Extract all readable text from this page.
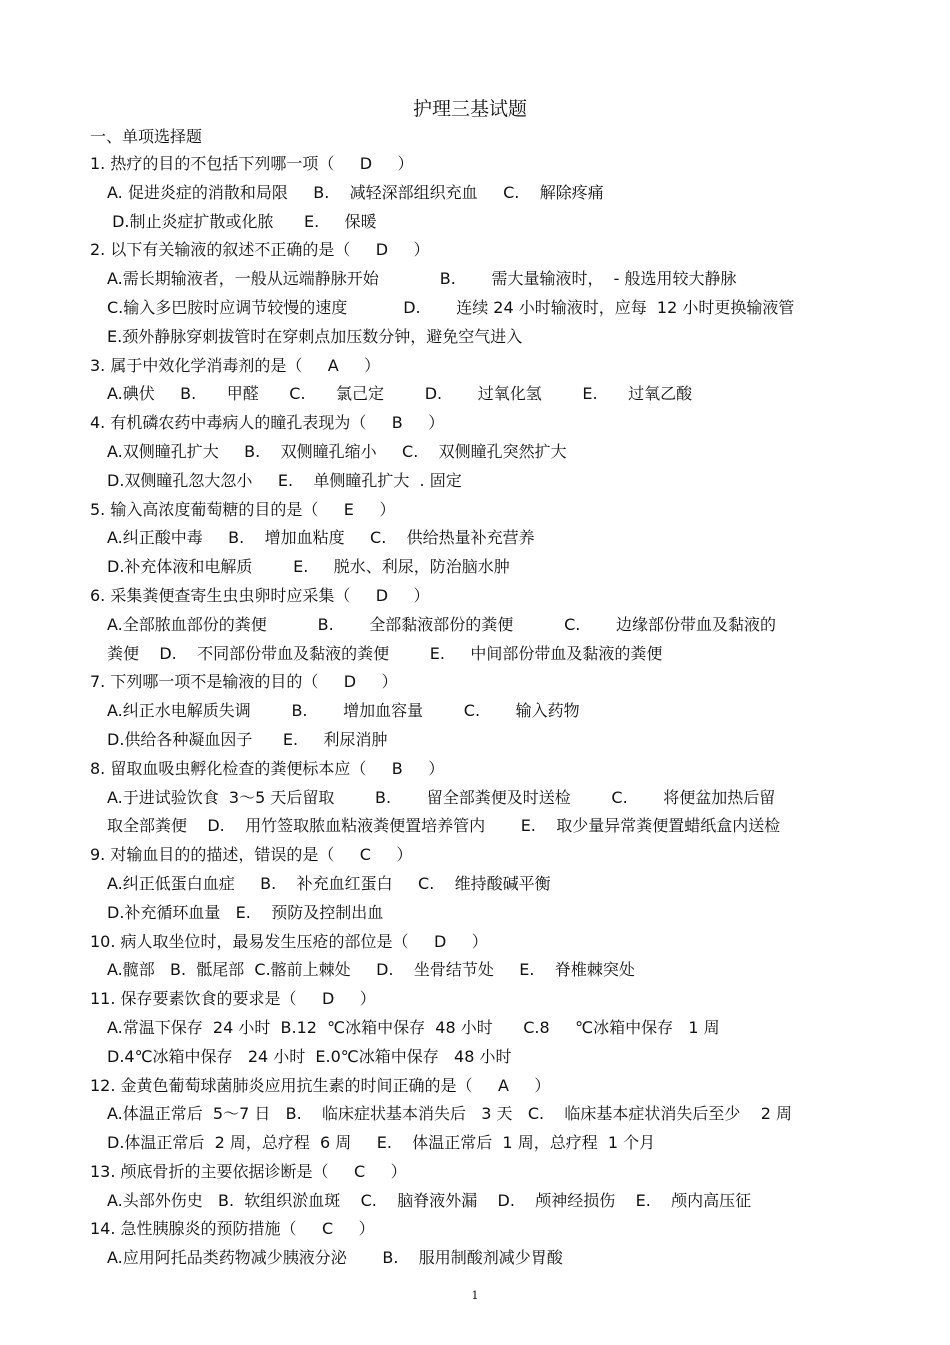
护理三基试题
一、单项选择题
1. 热疗的目的不包括下列哪一项（     D     ）
A. 促进炎症的消散和局限     B.    减轻深部组织充血     C.    解除疼痛
D.制止炎症扩散或化脓      E.     保暖
2. 以下有关输液的叙述不正确的是（     D     ）
A.需长期输液者，一般从远端静脉开始            B.       需大量输液时，  - 般选用较大静脉
C.输入多巴胺时应调节较慢的速度           D.       连续 24 小时输液时，应每  12 小时更换输液管
E.颈外静脉穿刺拔管时在穿刺点加压数分钟，避免空气进入
3. 属于中效化学消毒剂的是（     A     ）
A.碘伏     B.      甲醛      C.      氯己定        D.       过氧化氢        E.      过氧乙酸
4. 有机磷农药中毒病人的瞳孔表现为（     B     ）
A.双侧瞳孔扩大     B.    双侧瞳孔缩小     C.    双侧瞳孔突然扩大
D.双侧瞳孔忽大忽小     E.    单侧瞳孔扩大  . 固定
5. 输入高浓度葡萄糖的目的是（     E     ）
A.纠正酸中毒     B.    增加血粘度     C.    供给热量补充营养
D.补充体液和电解质        E.     脱水、利尿，防治脑水肿
6. 采集粪便查寄生虫虫卵时应采集（     D     ）
A.全部脓血部份的粪便          B.       全部黏液部份的粪便          C.       边缘部份带血及黏液的
粪便    D.    不同部份带血及黏液的粪便        E.     中间部份带血及黏液的粪便
7. 下列哪一项不是输液的目的（     D     ）
A.纠正水电解质失调        B.       增加血容量        C.       输入药物
D.供给各种凝血因子      E.     利尿消肿
8. 留取血吸虫孵化检查的粪便标本应（     B     ）
A.于进试验饮食  3～5 天后留取        B.       留全部粪便及时送检        C.       将便盆加热后留
取全部粪便    D.    用竹签取脓血粘液粪便置培养管内       E.    取少量异常粪便置蜡纸盒内送检
9. 对输血目的的描述，错误的是（     C     ）
A.纠正低蛋白血症     B.    补充血红蛋白     C.    维持酸碱平衡
D.补充循环血量   E.    预防及控制出血
10. 病人取坐位时，最易发生压疮的部位是（     D     ）
A.髋部   B.  骶尾部  C.髂前上棘处     D.    坐骨结节处     E.    脊椎棘突处
11. 保存要素饮食的要求是（     D     ）
A.常温下保存  24 小时  B.12  ℃冰箱中保存  48 小时      C.8     ℃冰箱中保存   1 周
D.4℃冰箱中保存   24 小时  E.0℃冰箱中保存   48 小时
12. 金黄色葡萄球菌肺炎应用抗生素的时间正确的是（     A     ）
A.体温正常后  5～7 日   B.    临床症状基本消失后   3 天   C.    临床基本症状消失后至少    2 周
D.体温正常后  2 周，总疗程  6 周     E.    体温正常后  1 周，总疗程  1 个月
13. 颅底骨折的主要依据诊断是（     C     ）
A.头部外伤史   B.  软组织淤血斑    C.    脑脊液外漏    D.    颅神经损伤    E.    颅内高压征
14. 急性胰腺炎的预防措施（     C     ）
A.应用阿托品类药物减少胰液分泌       B.    服用制酸剂减少胃酸
1
